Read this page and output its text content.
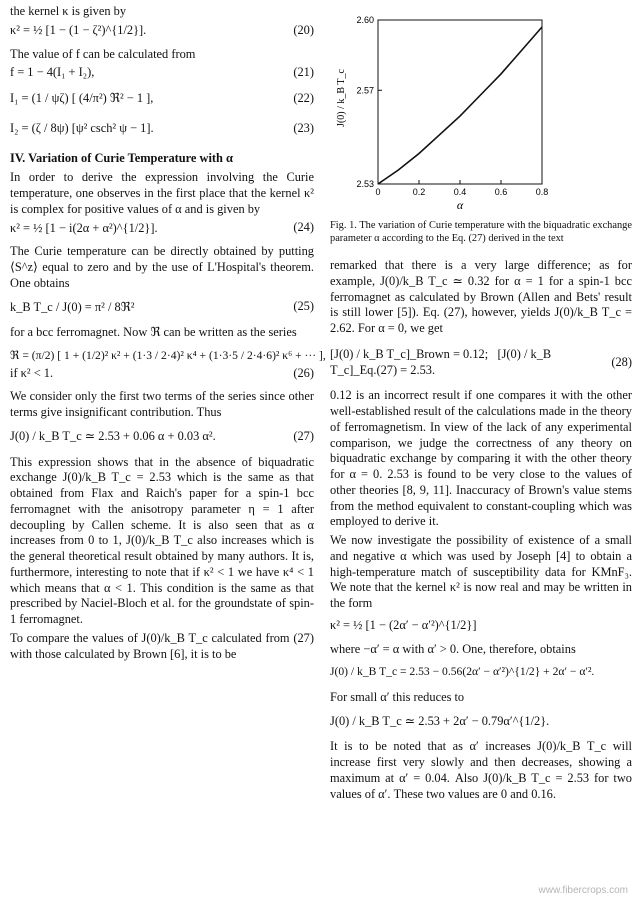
the kernel κ is given by

κ² = ½ [1 − (1 − ζ²)^{1/2}].	(20)

The value of f can be calculated from

f = 1 − 4(I₁ + I₂),	(21)
I₁ = (1 / ψζ) [ (4/π²) ℜ² − 1 ],	(22)
I₂ = (ζ / 8ψ) [ψ² csch² ψ − 1].	(23)
IV. Variation of Curie Temperature with α

In order to derive the expression involving the Curie temperature, one observes in the first place that the kernel κ² is complex for positive values of α and is given by

κ² = ½ [1 − i(2α + α²)^{1/2}].	(24)

The Curie temperature can be directly obtained by putting ⟨S^z⟩ equal to zero and by the use of L'Hospital's theorem. One obtains

k_B T_c / J(0) = π² / 8ℜ²	(25)

for a bcc ferromagnet. Now ℜ can be written as the series

ℜ = (π/2) [ 1 + (1/2)² κ² + (1·3 / 2·4)² κ⁴ + (1·3·5 / 2·4·6)² κ⁶ + ··· ],
if κ² < 1.	(26)

We consider only the first two terms of the series since other terms give insignificant contribution. Thus

J(0) / k_B T_c ≃ 2.53 + 0.06 α + 0.03 α².	(27)

This expression shows that in the absence of biquadratic exchange J(0)/k_B T_c = 2.53 which is the same as that obtained from Flax and Raich's paper for a spin-1 bcc ferromagnet with the anisotropy parameter η = 1 after decoupling by Callen scheme. It is also seen that as α increases from 0 to 1, J(0)/k_B T_c also increases which is the general theoretical result obtained by many authors. It is, furthermore, interesting to note that if κ² < 1 we have κ⁴ < 1 which means that α < 1. This condition is the same as that prescribed by Naciel-Bloch et al. for the groundstate of spin-1 ferromagnet.

To compare the values of J(0)/k_B T_c calculated from (27) with those calculated by Brown [6], it is to be

0	0.2	0.4	0.6	0.8
2.53
2.57
2.60
J(0) / k_B T_c
α
Fig. 1. The variation of Curie temperature with the biquadratic exchange parameter α according to the Eq. (27) derived in the text

remarked that there is a very large difference; as for example, J(0)/k_B T_c ≃ 0.32 for α = 1 for a spin-1 bcc ferromagnet as calculated by Brown (Allen and Bets' result is still lower [5]). Eq. (27), however, yields J(0)/k_B T_c = 2.62. For α = 0, we get

[J(0) / k_B T_c]_Brown = 0.12; [J(0) / k_B T_c]_Eq.(27) = 2.53.
(28)

0.12 is an incorrect result if one compares it with the other well-established result of the calculations made in the theory of ferromagnetism. In view of the lack of any experimental comparison, we judge the correctness of any theory on biquadratic exchange by comparing it with the other theory for α = 0. 2.53 is found to be very close to the values of other theories [8, 9, 11]. Inaccuracy of Brown's value stems from the method equivalent to constant-coupling which was employed to derive it.

We now investigate the possibility of existence of a small and negative α which was used by Joseph [4] to obtain a high-temperature match of susceptibility data for KMnF₃. We note that the kernel κ² is now real and may be written in the form

κ² = ½ [1 − (2α′ − α′²)^{1/2}]

where −α′ = α with α′ > 0. One, therefore, obtains

J(0) / k_B T_c = 2.53 − 0.56(2α′ − α′²)^{1/2} + 2α′ − α′².

For small α′ this reduces to

J(0) / k_B T_c ≃ 2.53 + 2α′ − 0.79α′^{1/2}.

It is to be noted that as α′ increases J(0)/k_B T_c will increase first very slowly and then decreases, showing a maximum at α′ = 0.04. Also J(0)/k_B T_c = 2.53 for two values of α′. These two values are 0 and 0.16.

www.fibercrops.com
